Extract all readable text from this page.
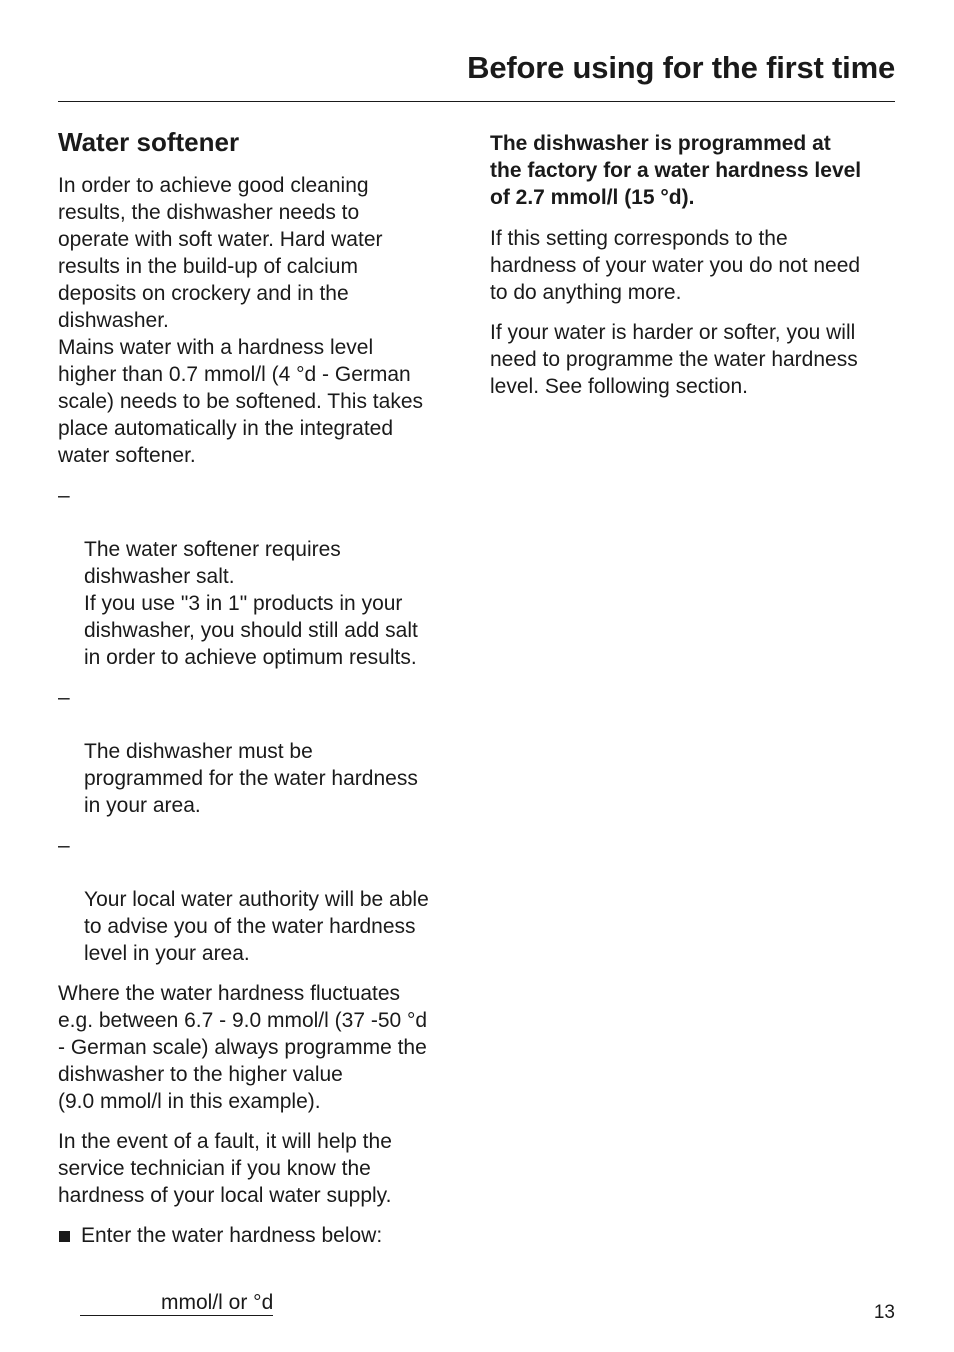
Before using for the first time
Water softener

In order to achieve good cleaning
results, the dishwasher needs to
operate with soft water. Hard water
results in the build-up of calcium
deposits on crockery and in the
dishwasher.
Mains water with a hardness level
higher than 0.7 mmol/l (4 °d - German
scale) needs to be softened. This takes
place automatically in the integrated
water softener.

–

The water softener requires
dishwasher salt.
If you use "3 in 1" products in your
dishwasher, you should still add salt
in order to achieve optimum results.

–

The dishwasher must be
programmed for the water hardness
in your area.

–

Your local water authority will be able
to advise you of the water hardness
level in your area.

Where the water hardness fluctuates
e.g. between 6.7 - 9.0 mmol/l (37 -50 °d
- German scale) always programme the
dishwasher to the higher value
(9.0 mmol/l in this example).

In the event of a fault, it will help the
service technician if you know the
hardness of your local water supply.

Enter the water hardness below:
mmol/l or °d

The dishwasher is programmed at
the factory for a water hardness level
of 2.7 mmol/l (15 °d).

If this setting corresponds to the
hardness of your water you do not need
to do anything more.

If your water is harder or softer, you will
need to programme the water hardness
level. See following section.

13
